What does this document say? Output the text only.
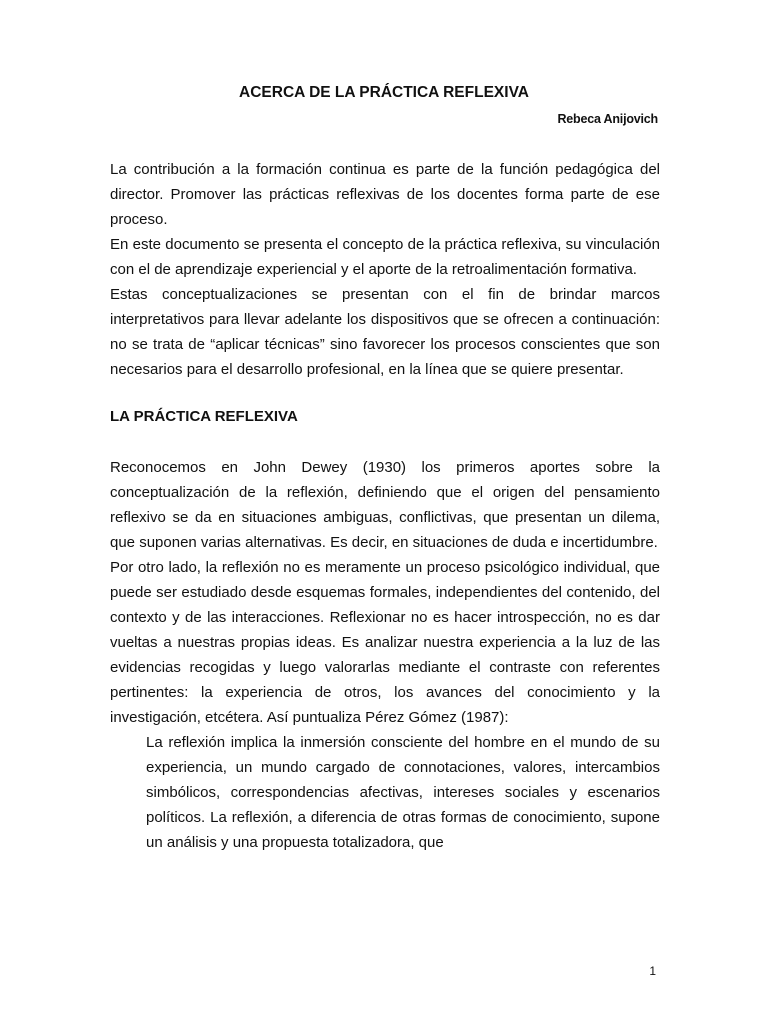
ACERCA DE LA PRÁCTICA REFLEXIVA
Rebeca Anijovich

La contribución a la formación continua es parte de la función pedagógica del director. Promover las prácticas reflexivas de los docentes forma parte de ese proceso.

En este documento se presenta el concepto de la práctica reflexiva, su vinculación con el de aprendizaje experiencial y el aporte de la retroalimentación formativa.

Estas conceptualizaciones se presentan con el fin de brindar marcos interpretativos para llevar adelante los dispositivos que se ofrecen a continuación: no se trata de “aplicar técnicas” sino favorecer los procesos conscientes que son necesarios para el desarrollo profesional, en la línea que se quiere presentar.

LA PRÁCTICA REFLEXIVA

Reconocemos en John Dewey (1930) los primeros aportes sobre la conceptualización de la reflexión, definiendo que el origen del pensamiento reflexivo se da en situaciones ambiguas, conflictivas, que presentan un dilema, que suponen varias alternativas. Es decir, en situaciones de duda e incertidumbre.

Por otro lado, la reflexión no es meramente un proceso psicológico individual, que puede ser estudiado desde esquemas formales, independientes del contenido, del contexto y de las interacciones. Reflexionar no es hacer introspección, no es dar vueltas a nuestras propias ideas. Es analizar nuestra experiencia a la luz de las evidencias recogidas y luego valorarlas mediante el contraste con referentes pertinentes: la experiencia de otros, los avances del conocimiento y la investigación, etcétera. Así puntualiza Pérez Gómez (1987):

La reflexión implica la inmersión consciente del hombre en el mundo de su experiencia, un mundo cargado de connotaciones, valores, intercambios simbólicos, correspondencias afectivas, intereses sociales y escenarios políticos. La reflexión, a diferencia de otras formas de conocimiento, supone un análisis y una propuesta totalizadora, que

1
